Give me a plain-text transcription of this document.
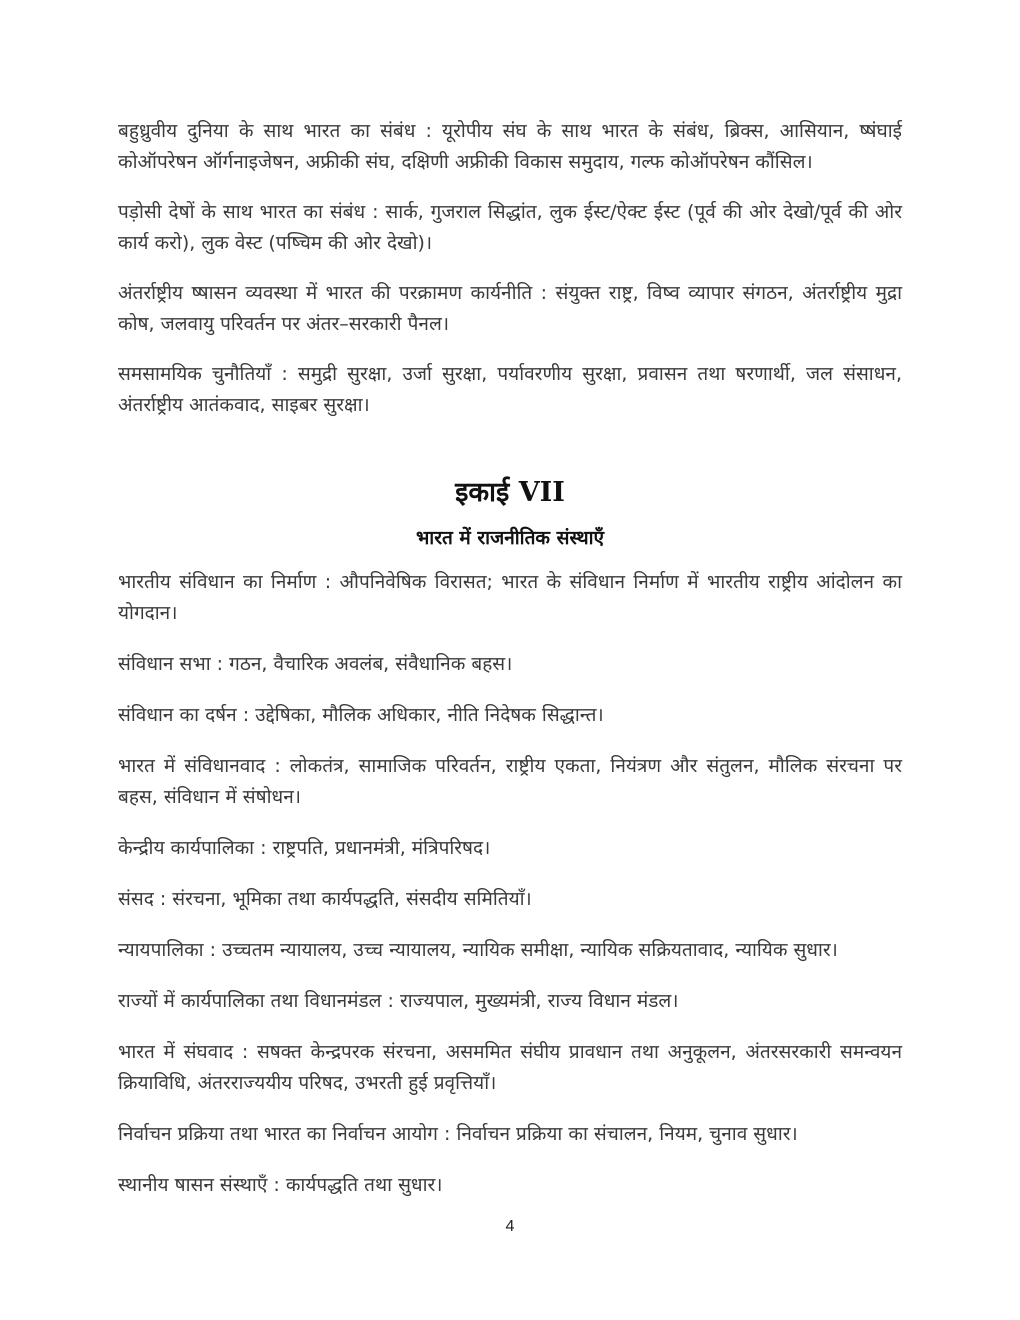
बहुध्रुवीय दुनिया के साथ भारत का संबंध : यूरोपीय संघ के साथ भारत के संबंध, ब्रिक्स, आसियान, ष्षंघाई कोऑपरेषन ऑर्गनाइजेषन, अफ्रीकी संघ, दक्षिणी अफ्रीकी विकास समुदाय, गल्फ कोऑपरेषन कौंसिल।

पड़ोसी देषों के साथ भारत का संबंध : सार्क, गुजराल सिद्धांत, लुक ईस्ट/ऐक्ट ईस्ट (पूर्व की ओर देखो/पूर्व की ओर कार्य करो), लुक वेस्ट (पष्चिम की ओर देखो)।

अंतर्राष्ट्रीय ष्षासन व्यवस्था में भारत की परक्रामण कार्यनीति : संयुक्त राष्ट्र, विष्व व्यापार संगठन, अंतर्राष्ट्रीय मुद्रा कोष, जलवायु परिवर्तन पर अंतर–सरकारी पैनल।

समसामयिक चुनौतियाँ : समुद्री सुरक्षा, उर्जा सुरक्षा, पर्यावरणीय सुरक्षा, प्रवासन तथा षरणार्थी, जल संसाधन, अंतर्राष्ट्रीय आतंकवाद, साइबर सुरक्षा।

इकाई VII
भारत में राजनीतिक संस्थाएँ

भारतीय संविधान का निर्माण : औपनिवेषिक विरासत; भारत के संविधान निर्माण में भारतीय राष्ट्रीय आंदोलन का योगदान।

संविधान सभा : गठन, वैचारिक अवलंब, संवैधानिक बहस।

संविधान का दर्षन : उद्देषिका, मौलिक अधिकार, नीति निदेषक सिद्धान्त।

भारत में संविधानवाद : लोकतंत्र, सामाजिक परिवर्तन, राष्ट्रीय एकता, नियंत्रण और संतुलन, मौलिक संरचना पर बहस, संविधान में संषोधन।

केन्द्रीय कार्यपालिका : राष्ट्रपति, प्रधानमंत्री, मंत्रिपरिषद।

संसद : संरचना, भूमिका तथा कार्यपद्धति, संसदीय समितियाँ।

न्यायपालिका : उच्चतम न्यायालय, उच्च न्यायालय, न्यायिक समीक्षा, न्यायिक सक्रियतावाद, न्यायिक सुधार।

राज्यों में कार्यपालिका तथा विधानमंडल : राज्यपाल, मुख्यमंत्री, राज्य विधान मंडल।

भारत में संघवाद : सषक्त केन्द्रपरक संरचना, असममित संघीय प्रावधान तथा अनुकूलन, अंतरसरकारी समन्वयन क्रियाविधि, अंतरराज्ययीय परिषद, उभरती हुई प्रवृत्तियाँ।

निर्वाचन प्रक्रिया तथा भारत का निर्वाचन आयोग : निर्वाचन प्रक्रिया का संचालन, नियम, चुनाव सुधार।

स्थानीय षासन संस्थाएँ : कार्यपद्धति तथा सुधार।

4
